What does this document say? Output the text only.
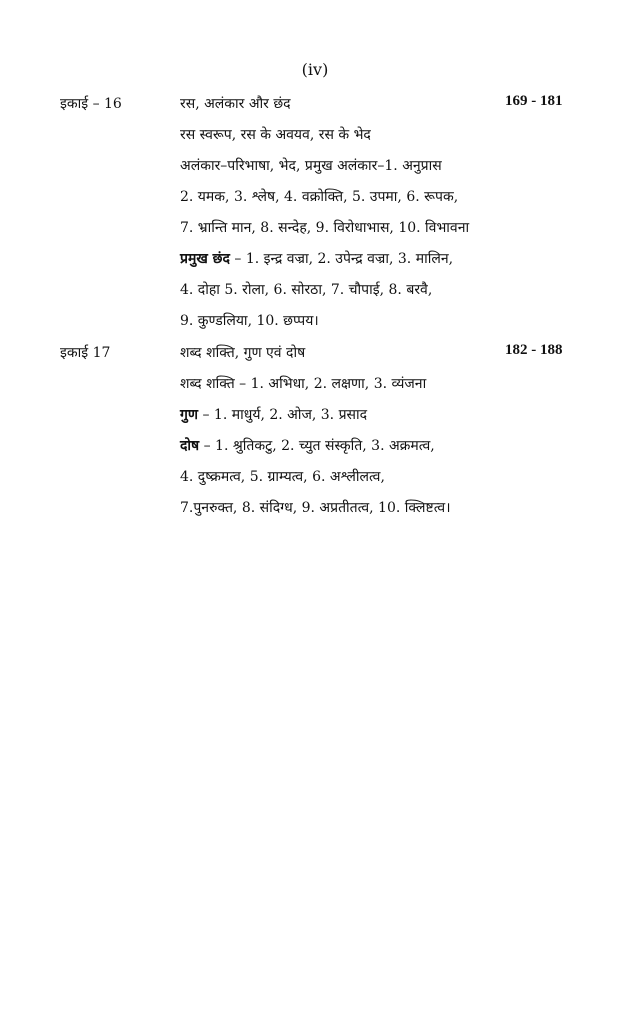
(iv)
इकाई – 16	रस, अलंकार और छंद	169 - 181
रस स्वरूप, रस के अवयव, रस के भेद
अलंकार–परिभाषा, भेद, प्रमुख अलंकार–1. अनुप्रास
2. यमक, 3. श्लेष, 4. वक्रोक्ति, 5. उपमा, 6. रूपक,
7. भ्रान्ति मान, 8. सन्देह, 9. विरोधाभास, 10. विभावना
प्रमुख छंद – 1. इन्द्र वज्रा, 2. उपेन्द्र वज्रा, 3. मालिन,
4. दोहा 5. रोला, 6. सोरठा, 7. चौपाई, 8. बरवै,
9. कुण्डलिया, 10. छप्पय।
इकाई 17	शब्द शक्ति, गुण एवं दोष	182 - 188
शब्द शक्ति – 1. अभिधा, 2. लक्षणा, 3. व्यंजना
गुण – 1. माधुर्य, 2. ओज, 3. प्रसाद
दोष – 1. श्रुतिकटु, 2. च्युत संस्कृति, 3. अक्रमत्व,
4. दुष्क्रमत्व, 5. ग्राम्यत्व, 6. अश्लीलत्व,
7.पुनरुक्त, 8. संदिग्ध, 9. अप्रतीतत्व, 10. क्लिष्टत्व।
